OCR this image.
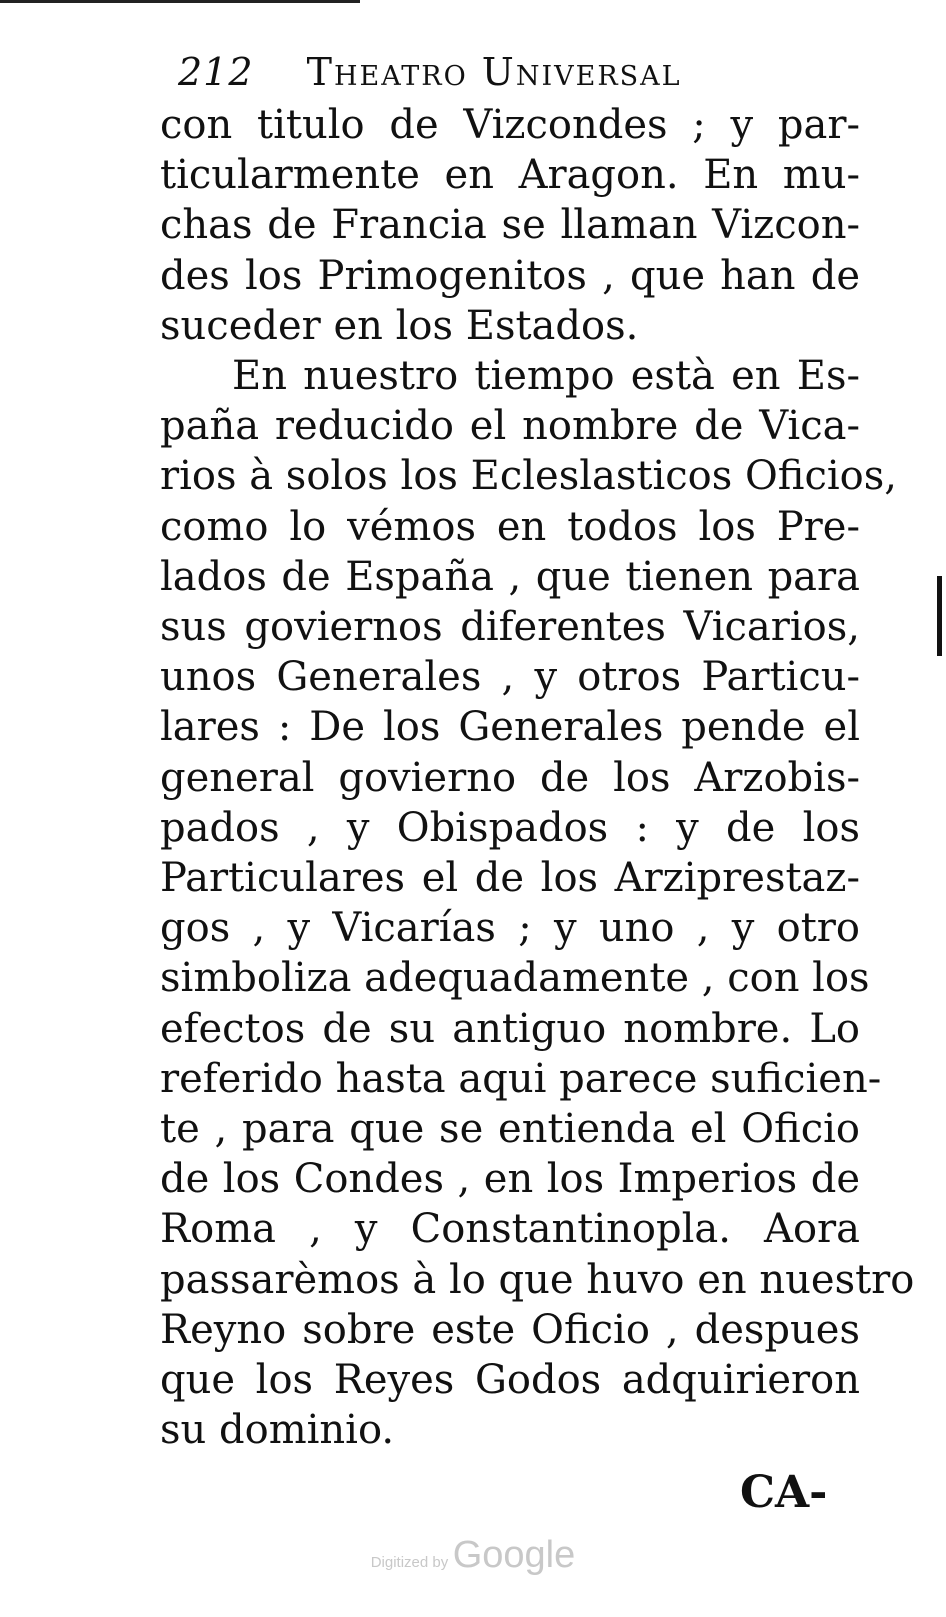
212 Theatro Universal
con titulo de Vizcondes ; y par-
ticularmente en Aragon. En mu-
chas de Francia se llaman Vizcon-
des los Primogenitos , que han de
suceder en los Estados.
En nuestro tiempo està en Es-
paña reducido el nombre de Vica-
rios à solos los Ecleslasticos Oficios,
como lo vémos en todos los Pre-
lados de España , que tienen para
sus goviernos diferentes Vicarios,
unos Generales , y otros Particu-
lares : De los Generales pende el
general govierno de los Arzobis-
pados , y Obispados : y de los
Particulares el de los Arziprestaz-
gos , y Vicarías ; y uno , y otro
simboliza adequadamente , con los
efectos de su antiguo nombre. Lo
referido hasta aqui parece suficien-
te , para que se entienda el Oficio
de los Condes , en los Imperios de
Roma , y Constantinopla. Aora
passarèmos à lo que huvo en nuestro
Reyno sobre este Oficio , despues
que los Reyes Godos adquirieron
su dominio.
CA-
Digitized by Google
